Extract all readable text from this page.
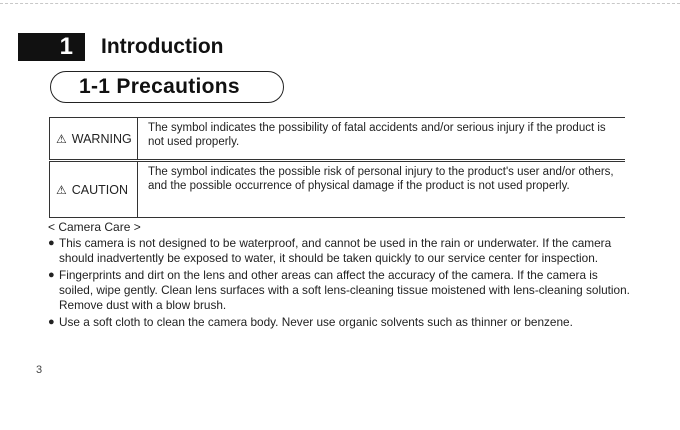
1	Introduction
1-1 Precautions
⚠ WARNING
The symbol indicates the possibility of fatal accidents and/or serious injury if the product is not used properly.
⚠ CAUTION
The symbol indicates the possible risk of personal injury to the product's user and/or others, and the possible occurrence of physical damage if the product is not used properly.
< Camera Care >
● This camera is not designed to be waterproof, and cannot be used in the rain or underwater. If the camera should inadvertently be exposed to water, it should be taken quickly to our service center for inspection.
● Fingerprints and dirt on the lens and other areas can affect the accuracy of the camera. If the camera is soiled, wipe gently. Clean lens surfaces with a soft lens-cleaning tissue moistened with lens-cleaning solution. Remove dust with a blow brush.
● Use a soft cloth to clean the camera body. Never use organic solvents such as thinner or benzene.
3
